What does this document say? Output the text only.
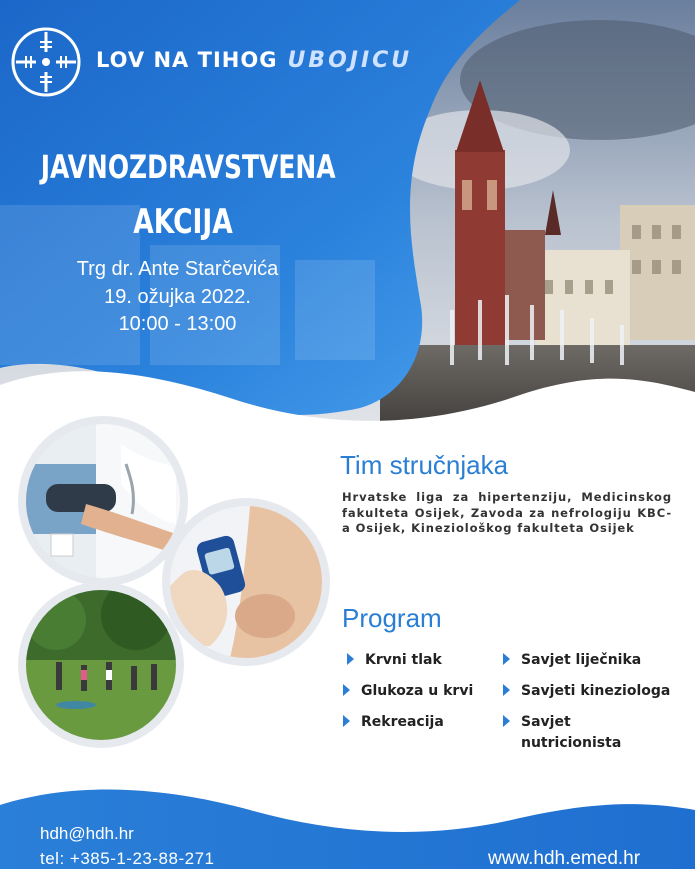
LOV NA TIHOG UBOJICU
JAVNOZDRAVSTVENA
AKCIJA
Trg dr. Ante Starčevića
19. ožujka 2022.
10:00 - 13:00
Tim stručnjaka
Hrvatske liga za hipertenziju, Medicinskog fakulteta Osijek, Zavoda za nefrologiju KBC-a Osijek, Kineziološkog fakulteta Osijek
Program
Krvni tlak
Glukoza u krvi
Rekreacija
Savjet liječnika
Savjeti kineziologa
Savjet
nutricionista
hdh@hdh.hr
tel: +385-1-23-88-271	www.hdh.emed.hr
